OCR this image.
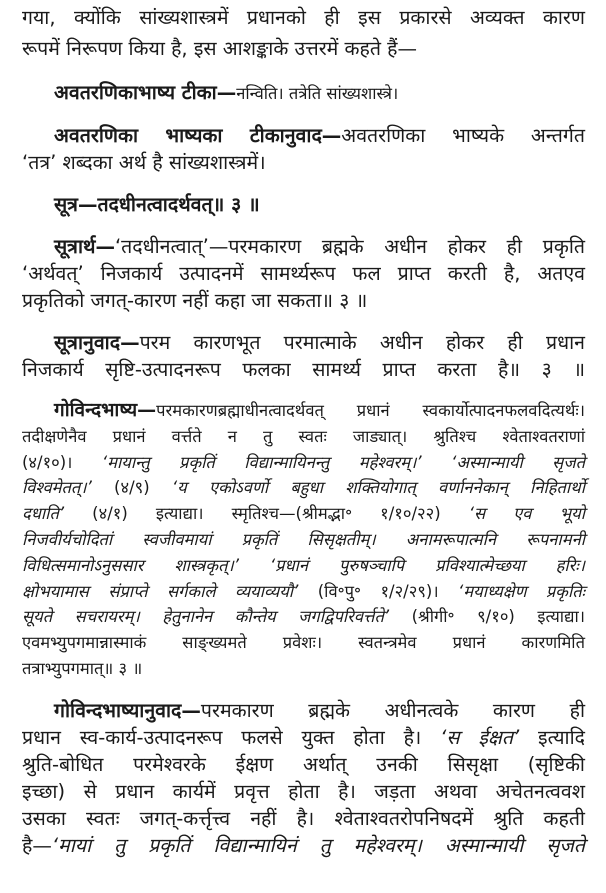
गया, क्योंकि सांख्यशास्त्रमें प्रधानको ही इस प्रकारसे अव्यक्त कारण
रूपमें निरूपण किया है, इस आशङ्काके उत्तरमें कहते हैं—
अवतरणिकाभाष्य टीका—नन्विति। तत्रेति सांख्यशास्त्रे।
अवतरणिका भाष्यका टीकानुवाद—अवतरणिका भाष्यके अन्तर्गत
‘तत्र’ शब्दका अर्थ है सांख्यशास्त्रमें।
सूत्र—तदधीनत्वादर्थवत्॥ ३ ॥
सूत्रार्थ—‘तदधीनत्वात्’—परमकारण ब्रह्मके अधीन होकर ही प्रकृति
‘अर्थवत्’ निजकार्य उत्पादनमें सामर्थ्यरूप फल प्राप्त करती है, अतएव
प्रकृतिको जगत्-कारण नहीं कहा जा सकता॥ ३ ॥
सूत्रानुवाद—परम कारणभूत परमात्माके अधीन होकर ही प्रधान
निजकार्य सृष्टि-उत्पादनरूप फलका सामर्थ्य प्राप्त करता है॥ ३ ॥
गोविन्दभाष्य—परमकारणब्रह्माधीनत्वादर्थवत् प्रधानं स्वकार्योत्पादनफलवदित्यर्थः।
तदीक्षणेनैव प्रधानं वर्त्तते न तु स्वतः जाड्यात्। श्रुतिश्च श्वेताश्वतराणां
(४/१०)। ‘मायान्तु प्रकृतिं विद्यान्मायिनन्तु महेश्वरम्।’ ‘अस्मान्मायी सृजते
विश्वमेतत्।’ (४/९) ‘य एकोऽवर्णो बहुधा शक्तियोगात् वर्णाननेकान् निहितार्थो
दधाति’ (४/१) इत्याद्या। स्मृतिश्च—(श्रीमद्भा॰ १/१०/२२) ‘स एव भूयो
निजवीर्यचोदितां स्वजीवमायां प्रकृतिं सिसृक्षतीम्। अनामरूपात्मनि रूपनामनी
विधित्समानोऽनुससार शास्त्रकृत्।’ ‘प्रधानं पुरुषञ्चापि प्रविश्यात्मेच्छया हरिः।
क्षोभयामास संप्राप्ते सर्गकाले व्ययाव्ययौ’ (वि॰पु॰ १/२/२९)। ‘मयाध्यक्षेण प्रकृतिः
सूयते सचरायरम्। हेतुनानेन कौन्तेय जगद्विपरिवर्त्तते’ (श्रीगी॰ ९/१०) इत्याद्या।
एवमभ्युपगमान्नास्माकं साङ्ख्यमते प्रवेशः। स्वतन्त्रमेव प्रधानं कारणमिति
तत्राभ्युपगमात्॥ ३ ॥
गोविन्दभाष्यानुवाद—परमकारण ब्रह्मके अधीनत्वके कारण ही
प्रधान स्व-कार्य-उत्पादनरूप फलसे युक्त होता है। ‘स ईक्षत’ इत्यादि
श्रुति-बोधित परमेश्वरके ईक्षण अर्थात् उनकी सिसृक्षा (सृष्टिकी
इच्छा) से प्रधान कार्यमें प्रवृत्त होता है। जड़ता अथवा अचेतनत्ववश
उसका स्वतः जगत्-कर्त्तृत्त्व नहीं है। श्वेताश्वतरोपनिषदमें श्रुति कहती
है—‘मायां तु प्रकृतिं विद्यान्मायिनं तु महेश्वरम्। अस्मान्मायी सृजते
